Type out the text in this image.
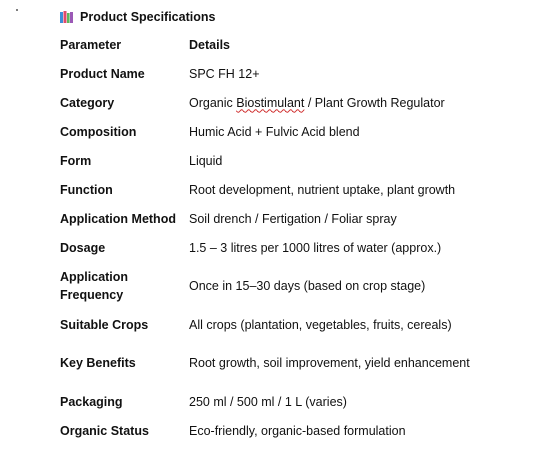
Product Specifications
Parameter	Details
Product Name	SPC FH 12+
Category	Organic Biostimulant / Plant Growth Regulator
Composition	Humic Acid + Fulvic Acid blend
Form	Liquid
Function	Root development, nutrient uptake, plant growth
Application Method	Soil drench / Fertigation / Foliar spray
Dosage	1.5 – 3 litres per 1000 litres of water (approx.)
Application Frequency	Once in 15–30 days (based on crop stage)
Suitable Crops	All crops (plantation, vegetables, fruits, cereals)
Key Benefits	Root growth, soil improvement, yield enhancement
Packaging	250 ml / 500 ml / 1 L (varies)
Organic Status	Eco-friendly, organic-based formulation
